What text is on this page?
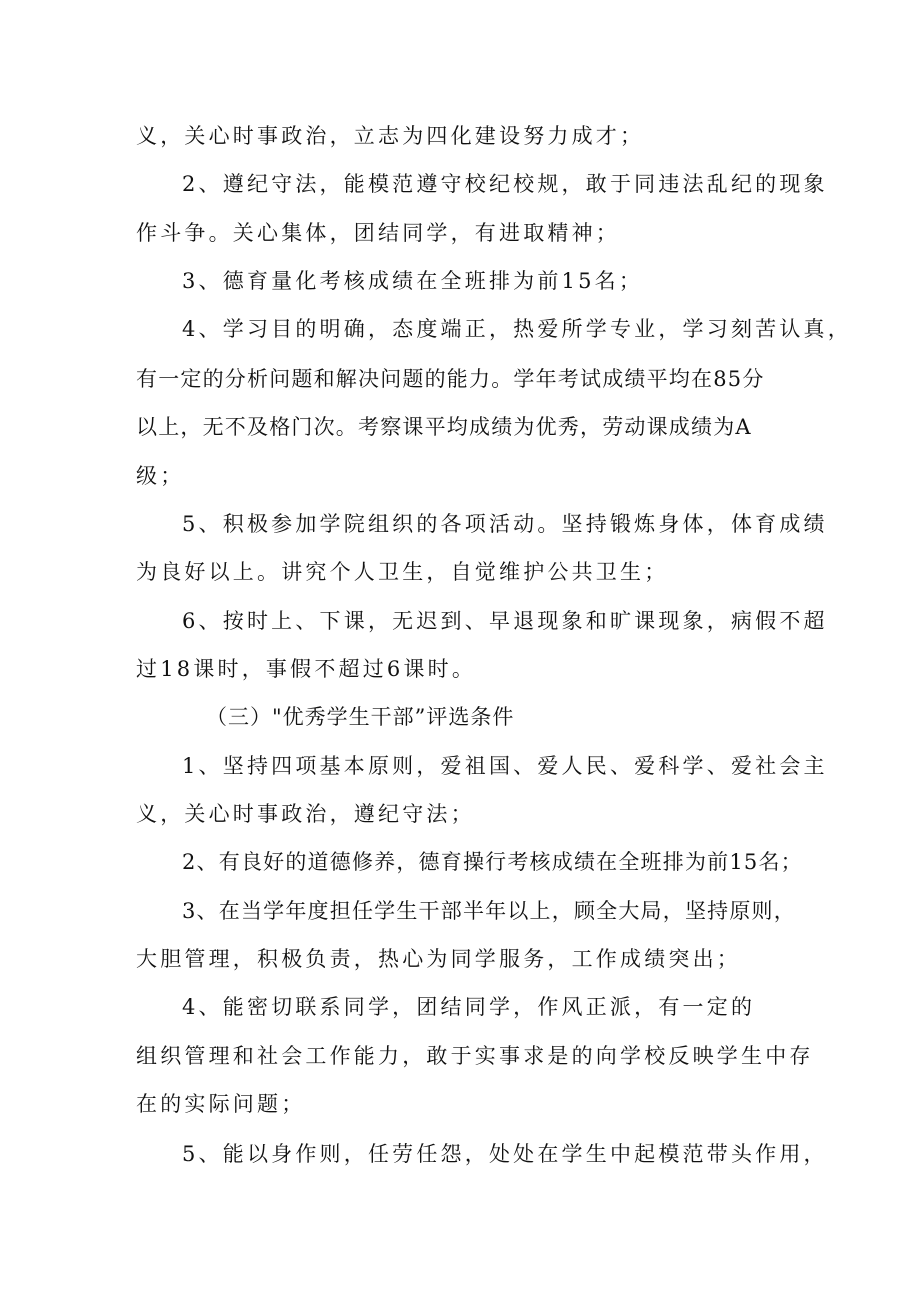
义，关心时事政治，立志为四化建设努力成才；
2、遵纪守法，能模范遵守校纪校规，敢于同违法乱纪的现象
作斗争。关心集体，团结同学，有进取精神；
3、德育量化考核成绩在全班排为前15名；
4、学习目的明确，态度端正，热爱所学专业，学习刻苦认真，
有一定的分析问题和解决问题的能力。学年考试成绩平均在85分
以上，无不及格门次。考察课平均成绩为优秀，劳动课成绩为A
级；
5、积极参加学院组织的各项活动。坚持锻炼身体，体育成绩
为良好以上。讲究个人卫生，自觉维护公共卫生；
6、按时上、下课，无迟到、早退现象和旷课现象，病假不超
过18课时，事假不超过6课时。
（三）"优秀学生干部”评选条件
1、坚持四项基本原则，爱祖国、爱人民、爱科学、爱社会主
义，关心时事政治，遵纪守法；
2、有良好的道德修养，德育操行考核成绩在全班排为前15名；
3、在当学年度担任学生干部半年以上，顾全大局，坚持原则，
大胆管理，积极负责，热心为同学服务，工作成绩突出；
4、能密切联系同学，团结同学，作风正派，有一定的
组织管理和社会工作能力，敢于实事求是的向学校反映学生中存
在的实际问题；
5、能以身作则，任劳任怨，处处在学生中起模范带头作用，
